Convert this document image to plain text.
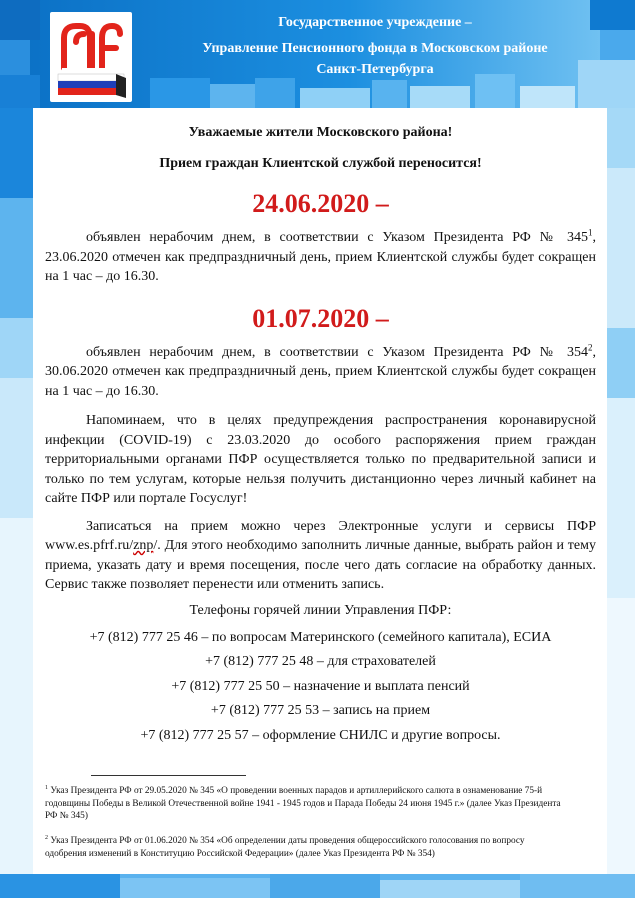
Государственное учреждение –
Управление Пенсионного фонда в Московском районе
Санкт-Петербурга

Уважаемые жители Московского района!

Прием граждан Клиентской службой переносится!

24.06.2020 –

объявлен нерабочим днем, в соответствии с Указом Президента РФ № $345^1$, 23.06.2020 отмечен как предпраздничный день, прием Клиентской службы будет сокращен на 1 час – до 16.30.

01.07.2020 –

объявлен нерабочим днем, в соответствии с Указом Президента РФ № $354^2$, 30.06.2020 отмечен как предпраздничный день, прием Клиентской службы будет сокращен на 1 час – до 16.30.

Напоминаем, что в целях предупреждения распространения коронавирусной инфекции (COVID-19) с 23.03.2020 до особого распоряжения прием граждан территориальными органами ПФР осуществляется только по предварительной записи и только по тем услугам, которые нельзя получить дистанционно через личный кабинет на сайте ПФР или портале Госуслуг!

Записаться на прием можно через Электронные услуги и сервисы ПФР www.es.pfrf.ru/znp/. Для этого необходимо заполнить личные данные, выбрать район и тему приема, указать дату и время посещения, после чего дать согласие на обработку данных. Сервис также позволяет перенести или отменить запись.

Телефоны горячей линии Управления ПФР:

+7 (812) 777 25 46 – по вопросам Материнского (семейного капитала), ЕСИА

+7 (812) 777 25 48 – для страхователей

+7 (812) 777 25 50 – назначение и выплата пенсий

+7 (812) 777 25 53 – запись на прием

+7 (812) 777 25 57 – оформление СНИЛС и другие вопросы.

$^1$ Указ Президента РФ от 29.05.2020 № 345 «О проведении военных парадов и артиллерийского салюта в ознаменование 75-й годовщины Победы в Великой Отечественной войне 1941 - 1945 годов и Парада Победы 24 июня 1945 г.» (далее Указ Президента РФ № 345)
$^2$ Указ Президента РФ от 01.06.2020 № 354 «Об определении даты проведения общероссийского голосования по вопросу одобрения изменений в Конституцию Российской Федерации» (далее Указ Президента РФ № 354)
